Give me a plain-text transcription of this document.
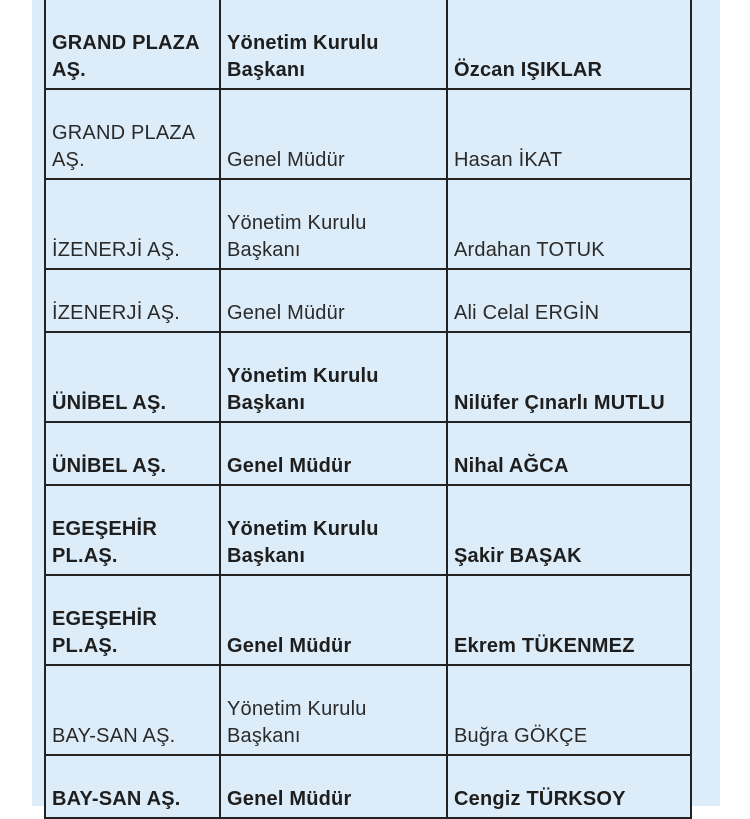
GRAND PLAZA AŞ.	Yönetim Kurulu Başkanı	Özcan IŞIKLAR
GRAND PLAZA AŞ.	Genel Müdür	Hasan İKAT
İZENERJİ AŞ.	Yönetim Kurulu Başkanı	Ardahan TOTUK
İZENERJİ AŞ.	Genel Müdür	Ali Celal ERGİN
ÜNİBEL AŞ.	Yönetim Kurulu Başkanı	Nilüfer Çınarlı MUTLU
ÜNİBEL AŞ.	Genel Müdür	Nihal AĞCA
EGEŞEHİR PL.AŞ.	Yönetim Kurulu Başkanı	Şakir BAŞAK
EGEŞEHİR PL.AŞ.	Genel Müdür	Ekrem TÜKENMEZ
BAY-SAN AŞ.	Yönetim Kurulu Başkanı	Buğra GÖKÇE
BAY-SAN AŞ.	Genel Müdür	Cengiz TÜRKSOY
